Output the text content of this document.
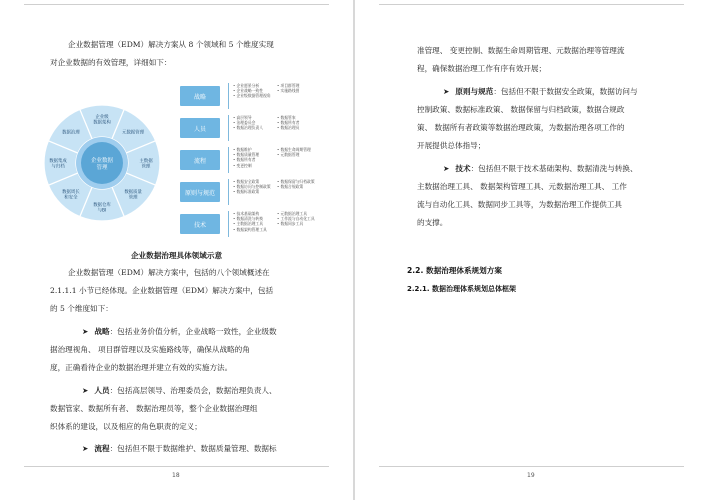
企业数据管理（EDM）解决方案从 8 个领域和 5 个维度实现
对企业数据的有效管理，详细如下：
企业级数据架构
元数据管理
主数据管理
数据质量管理
数据仓库与BI
数据周长和安全
数据集成与归档
数据治理
企业数据管理
战略
• 企业愿景分析
• 企业战略一致性
• 企业级数据管理视角
• 项目群管理
• 实施路线图
人员
• 高层领导
• 治理委员会
• 数据治理负责人
• 数据管家
• 数据所有者
• 数据治理员
流程
• 数据维护
• 数据质量管理
• 数据所有者
• 变更控制
• 数据生命周期管理
• 元数据管理
原则与规范
• 数据安全政策
• 数据访问与控制政策
• 数据标准政策
• 数据保留与归档政策
• 数据合规政策
技术
• 技术基础架构
• 数据清洗与转换
• 主数据治理工具
• 数据架构管理工具
• 元数据治理工具
• 工作流与自动化工具
• 数据同步工具
企业数据治理具体领域示意
企业数据管理（EDM）解决方案中，包括的八个领域概述在
2.1.1.1 小节已经体现。企业数据管理（EDM）解决方案中，包括
的 5 个维度如下：
➤ 战略：包括业务价值分析，企业战略一致性，企业级数
据治理视角、 项目群管理以及实施路线等，确保从战略的角
度，正确看待企业的数据治理并建立有效的实施方法。
➤ 人员：包括高层领导、治理委员会，数据治理负责人、
数据管家、数据所有者、 数据治理员等，整个企业数据治理组
织体系的建设，以及相应的角色职责的定义；
➤ 流程：包括但不限于数据维护、数据质量管理、数据标
18
准管理、 变更控制、数据生命周期管理、元数据治理等管理流
程，确保数据治理工作有序有效开展；
➤ 原则与规范：包括但不限于数据安全政策，数据访问与
控制政策、数据标准政策、 数据保留与归档政策，数据合规政
策、 数据所有者政策等数据治理政策，为数据治理各项工作的
开展提供总体指导；
➤ 技术：包括但不限于技术基础架构、数据清洗与转换、
主数据治理工具、 数据架构管理工具、元数据治理工具、 工作
流与自动化工具、数据同步工具等，为数据治理工作提供工具
的支撑。
2.2. 数据治理体系规划方案
2.2.1. 数据治理体系规划总体框架
19
